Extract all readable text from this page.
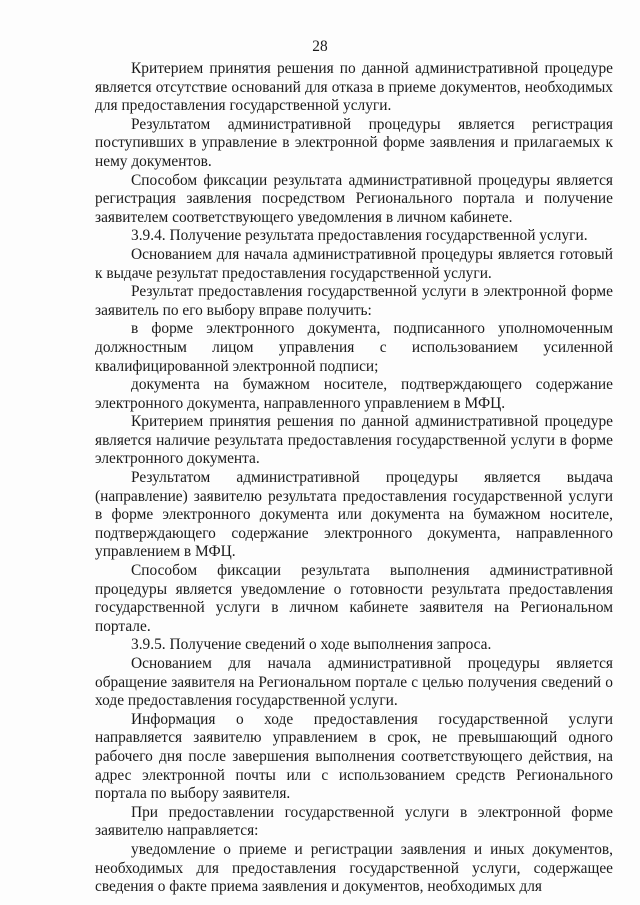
28

Критерием принятия решения по данной административной процедуре является отсутствие оснований для отказа в приеме документов, необходимых для предоставления государственной услуги.

Результатом административной процедуры является регистрация поступивших в управление в электронной форме заявления и прилагаемых к нему документов.

Способом фиксации результата административной процедуры является регистрация заявления посредством Регионального портала и получение заявителем соответствующего уведомления в личном кабинете.

3.9.4. Получение результата предоставления государственной услуги.

Основанием для начала административной процедуры является готовый к выдаче результат предоставления государственной услуги.

Результат предоставления государственной услуги в электронной форме заявитель по его выбору вправе получить:

в форме электронного документа, подписанного уполномоченным должностным лицом управления с использованием усиленной квалифицированной электронной подписи;

документа на бумажном носителе, подтверждающего содержание электронного документа, направленного управлением в МФЦ.

Критерием принятия решения по данной административной процедуре является наличие результата предоставления государственной услуги в форме электронного документа.

Результатом административной процедуры является выдача (направление) заявителю результата предоставления государственной услуги в форме электронного документа или документа на бумажном носителе, подтверждающего содержание электронного документа, направленного управлением в МФЦ.

Способом фиксации результата выполнения административной процедуры является уведомление о готовности результата предоставления государственной услуги в личном кабинете заявителя на Региональном портале.

3.9.5. Получение сведений о ходе выполнения запроса.

Основанием для начала административной процедуры является обращение заявителя на Региональном портале с целью получения сведений о ходе предоставления государственной услуги.

Информация о ходе предоставления государственной услуги направляется заявителю управлением в срок, не превышающий одного рабочего дня после завершения выполнения соответствующего действия, на адрес электронной почты или с использованием средств Регионального портала по выбору заявителя.

При предоставлении государственной услуги в электронной форме заявителю направляется:

уведомление о приеме и регистрации заявления и иных документов, необходимых для предоставления государственной услуги, содержащее сведения о факте приема заявления и документов, необходимых для
